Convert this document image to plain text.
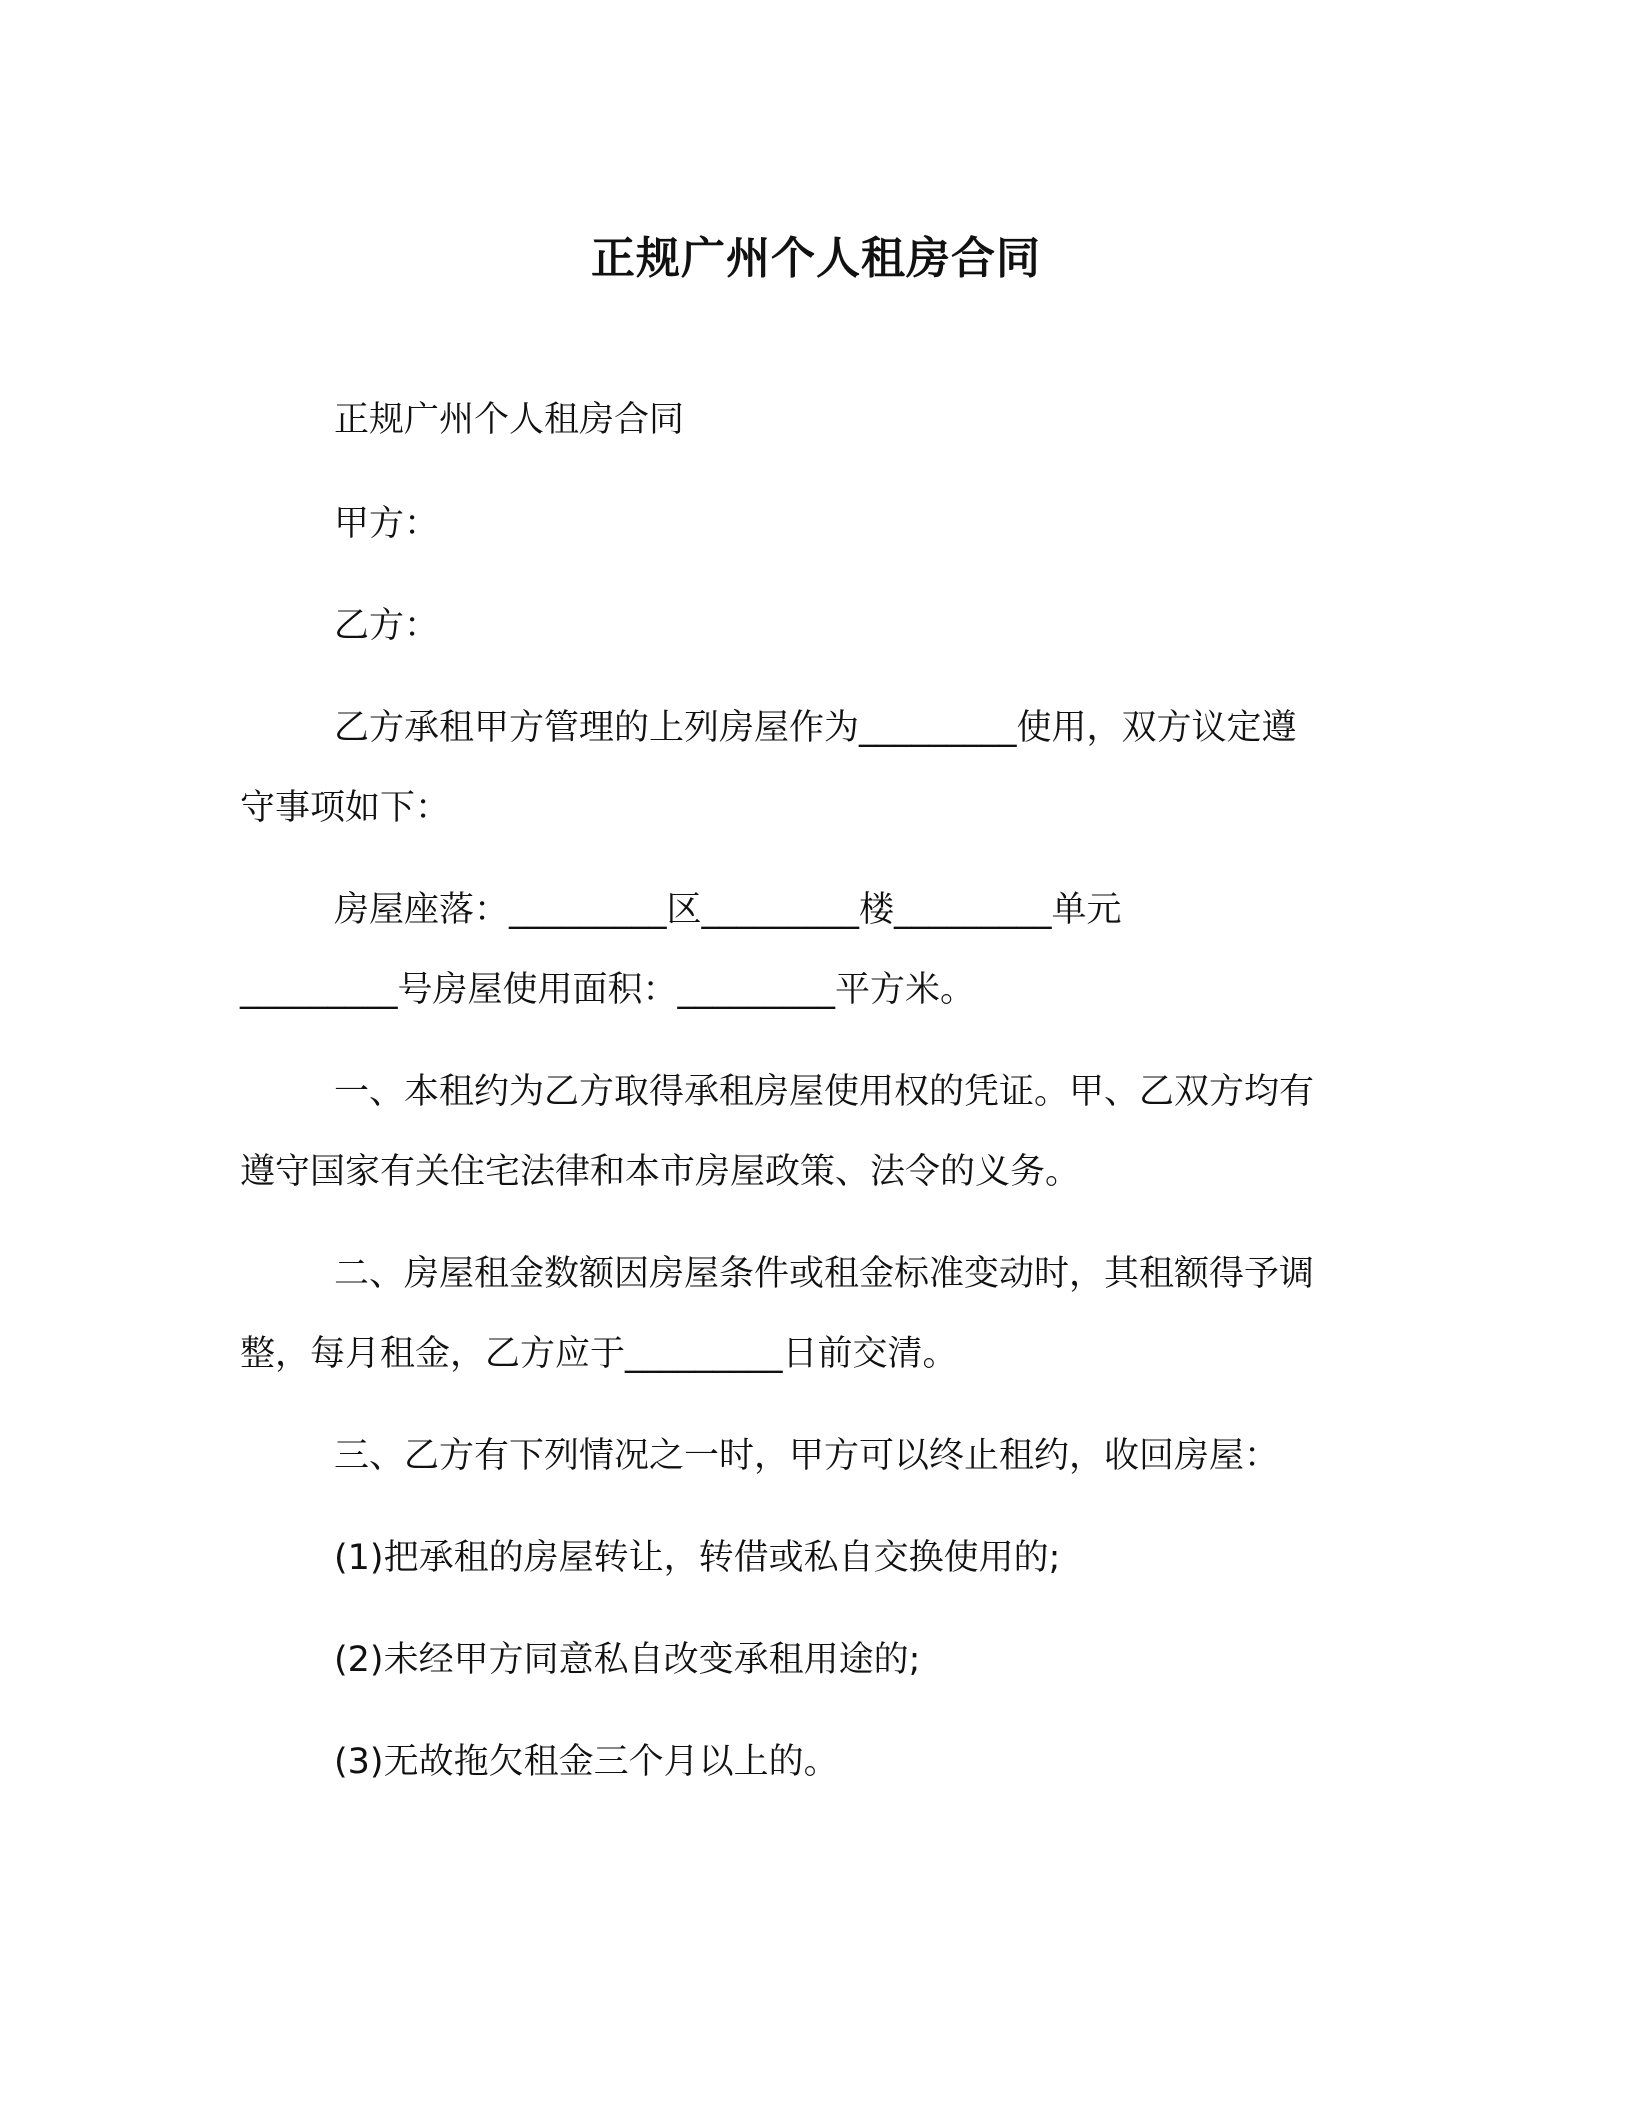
正规广州个人租房合同
正规广州个人租房合同
甲方：
乙方：
乙方承租甲方管理的上列房屋作为_________使用，双方议定遵
守事项如下：
房屋座落：_________区_________楼_________单元
_________号房屋使用面积：_________平方米。
一、本租约为乙方取得承租房屋使用权的凭证。甲、乙双方均有
遵守国家有关住宅法律和本市房屋政策、法令的义务。
二、房屋租金数额因房屋条件或租金标准变动时，其租额得予调
整，每月租金，乙方应于_________日前交清。
三、乙方有下列情况之一时，甲方可以终止租约，收回房屋：
(1)把承租的房屋转让，转借或私自交换使用的;
(2)未经甲方同意私自改变承租用途的;
(3)无故拖欠租金三个月以上的。
